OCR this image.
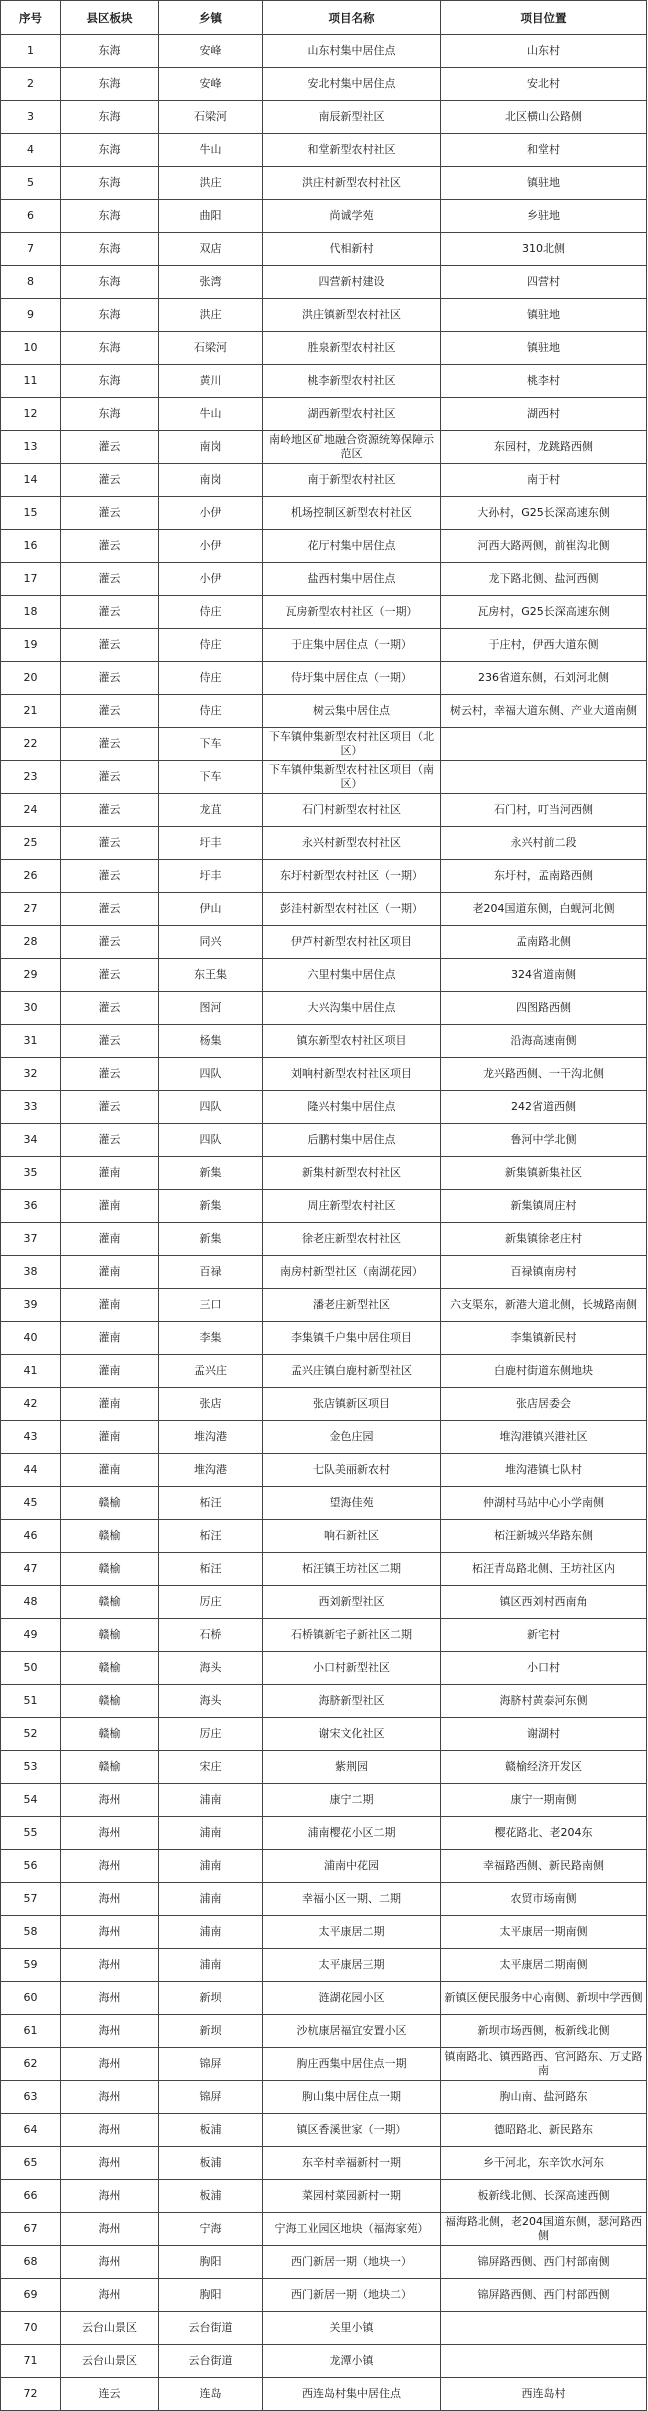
序号	县区板块	乡镇	项目名称	项目位置
1	东海	安峰	山东村集中居住点	山东村
2	东海	安峰	安北村集中居住点	安北村
3	东海	石梁河	南辰新型社区	北区横山公路侧
4	东海	牛山	和堂新型农村社区	和堂村
5	东海	洪庄	洪庄村新型农村社区	镇驻地
6	东海	曲阳	尚诚学苑	乡驻地
7	东海	双店	代相新村	310北侧
8	东海	张湾	四营新村建设	四营村
9	东海	洪庄	洪庄镇新型农村社区	镇驻地
10	东海	石梁河	胜泉新型农村社区	镇驻地
11	东海	黄川	桃李新型农村社区	桃李村
12	东海	牛山	湖西新型农村社区	湖西村
13	灌云	南岗	南岭地区矿地融合资源统筹保障示范区	东园村，龙跳路西侧
14	灌云	南岗	南于新型农村社区	南于村
15	灌云	小伊	机场控制区新型农村社区	大孙村，G25长深高速东侧
16	灌云	小伊	花厅村集中居住点	河西大路两侧，前崔沟北侧
17	灌云	小伊	盐西村集中居住点	龙下路北侧、盐河西侧
18	灌云	侍庄	瓦房新型农村社区（一期）	瓦房村，G25长深高速东侧
19	灌云	侍庄	于庄集中居住点（一期）	于庄村，伊西大道东侧
20	灌云	侍庄	侍圩集中居住点（一期）	236省道东侧，石刘河北侧
21	灌云	侍庄	树云集中居住点	树云村，幸福大道东侧、产业大道南侧
22	灌云	下车	下车镇仲集新型农村社区项目（北区）	
23	灌云	下车	下车镇仲集新型农村社区项目（南区）	
24	灌云	龙苴	石门村新型农村社区	石门村，叮当河西侧
25	灌云	圩丰	永兴村新型农村社区	永兴村前二段
26	灌云	圩丰	东圩村新型农村社区（一期）	东圩村，孟南路西侧
27	灌云	伊山	彭洼村新型农村社区（一期）	老204国道东侧，白蚬河北侧
28	灌云	同兴	伊芦村新型农村社区项目	孟南路北侧
29	灌云	东王集	六里村集中居住点	324省道南侧
30	灌云	图河	大兴沟集中居住点	四图路西侧
31	灌云	杨集	镇东新型农村社区项目	沿海高速南侧
32	灌云	四队	刘响村新型农村社区项目	龙兴路西侧、一干沟北侧
33	灌云	四队	隆兴村集中居住点	242省道西侧
34	灌云	四队	后鹏村集中居住点	鲁河中学北侧
35	灌南	新集	新集村新型农村社区	新集镇新集社区
36	灌南	新集	周庄新型农村社区	新集镇周庄村
37	灌南	新集	徐老庄新型农村社区	新集镇徐老庄村
38	灌南	百禄	南房村新型社区（南湖花园）	百禄镇南房村
39	灌南	三口	潘老庄新型社区	六支渠东，新港大道北侧，长城路南侧
40	灌南	李集	李集镇千户集中居住项目	李集镇新民村
41	灌南	孟兴庄	孟兴庄镇白鹿村新型社区	白鹿村街道东侧地块
42	灌南	张店	张店镇新区项目	张店居委会
43	灌南	堆沟港	金色庄园	堆沟港镇兴港社区
44	灌南	堆沟港	七队美丽新农村	堆沟港镇七队村
45	赣榆	柘汪	望海佳苑	仲湖村马站中心小学南侧
46	赣榆	柘汪	响石新社区	柘汪新城兴华路东侧
47	赣榆	柘汪	柘汪镇王坊社区二期	柘汪青岛路北侧、王坊社区内
48	赣榆	厉庄	西刘新型社区	镇区西刘村西南角
49	赣榆	石桥	石桥镇新宅子新社区二期	新宅村
50	赣榆	海头	小口村新型社区	小口村
51	赣榆	海头	海脐新型社区	海脐村黄泰河东侧
52	赣榆	厉庄	谢宋文化社区	谢湖村
53	赣榆	宋庄	紫荆园	赣榆经济开发区
54	海州	浦南	康宁二期	康宁一期南侧
55	海州	浦南	浦南樱花小区二期	樱花路北、老204东
56	海州	浦南	浦南中花园	幸福路西侧、新民路南侧
57	海州	浦南	幸福小区一期、二期	农贸市场南侧
58	海州	浦南	太平康居二期	太平康居一期南侧
59	海州	浦南	太平康居三期	太平康居二期南侧
60	海州	新坝	涟湖花园小区	新镇区便民服务中心南侧、新坝中学西侧
61	海州	新坝	沙杭康居福宜安置小区	新坝市场西侧，板新线北侧
62	海州	锦屏	朐庄西集中居住点一期	镇南路北、镇西路西、官河路东、万丈路南
63	海州	锦屏	朐山集中居住点一期	朐山南、盐河路东
64	海州	板浦	镇区香溪世家（一期）	德昭路北、新民路东
65	海州	板浦	东辛村幸福新村一期	乡干河北，东辛饮水河东
66	海州	板浦	菜园村菜园新村一期	板新线北侧、长深高速西侧
67	海州	宁海	宁海工业园区地块（福海家苑）	福海路北侧，老204国道东侧，瑟河路西侧
68	海州	朐阳	西门新居一期（地块一）	锦屏路西侧、西门村部南侧
69	海州	朐阳	西门新居一期（地块二）	锦屏路西侧、西门村部西侧
70	云台山景区	云台街道	关里小镇	
71	云台山景区	云台街道	龙潭小镇	
72	连云	连岛	西连岛村集中居住点	西连岛村
